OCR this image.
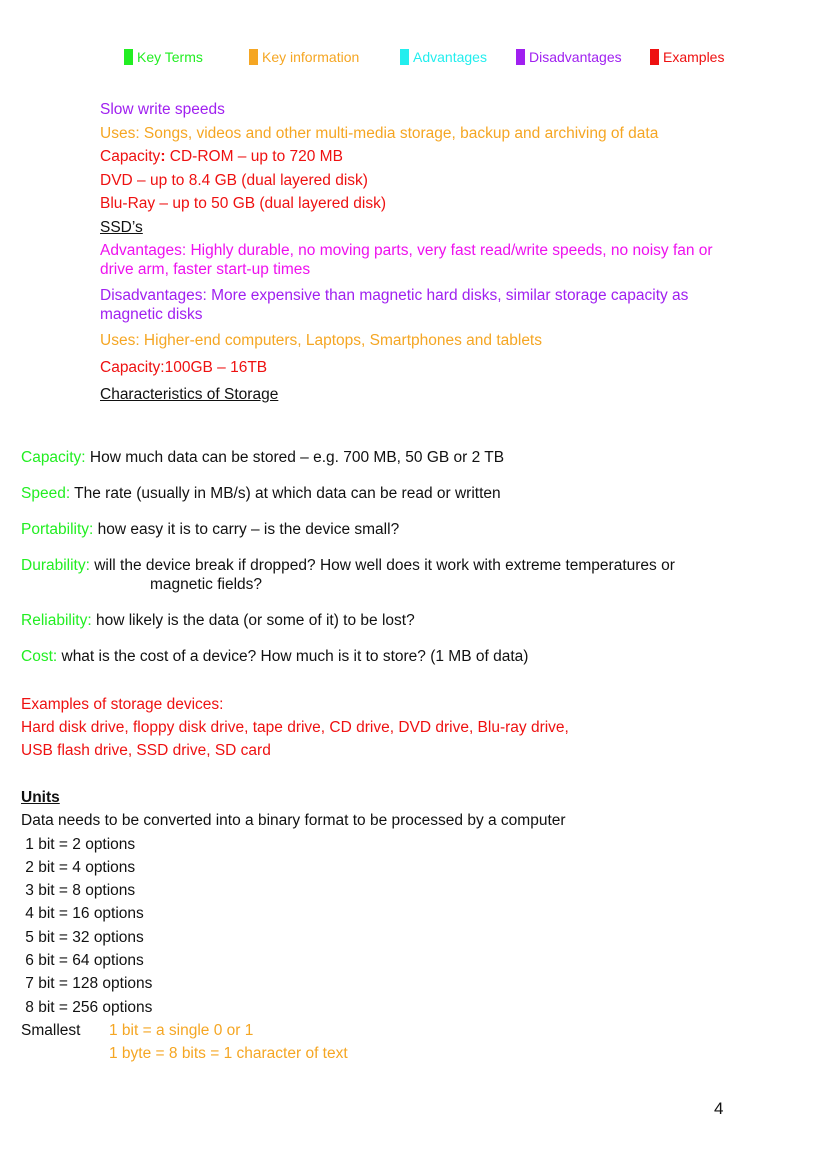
Key Terms	Key information	Advantages	Disadvantages	Examples
Slow write speeds
Uses: Songs, videos and other multi-media storage, backup and archiving of data
Capacity: CD-ROM – up to 720 MB
DVD – up to 8.4 GB (dual layered disk)
Blu-Ray – up to 50 GB (dual layered disk)
SSD’s
Advantages: Highly durable, no moving parts, very fast read/write speeds, no noisy fan or drive arm, faster start-up times
Disadvantages: More expensive than magnetic hard disks, similar storage capacity as magnetic disks
Uses: Higher-end computers, Laptops, Smartphones and tablets
Capacity:100GB – 16TB
Characteristics of Storage
Capacity: How much data can be stored – e.g. 700 MB, 50 GB or 2 TB
Speed: The rate (usually in MB/s) at which data can be read or written
Portability: how easy it is to carry – is the device small?
Durability: will the device break if dropped? How well does it work with extreme temperatures or
magnetic fields?
Reliability: how likely is the data (or some of it) to be lost?
Cost: what is the cost of a device? How much is it to store? (1 MB of data)
Examples of storage devices:
Hard disk drive, floppy disk drive, tape drive, CD drive, DVD drive, Blu-ray drive,
USB flash drive, SSD drive, SD card
Units
Data needs to be converted into a binary format to be processed by a computer
1 bit = 2 options
2 bit = 4 options
3 bit = 8 options
4 bit = 16 options
5 bit = 32 options
6 bit = 64 options
7 bit = 128 options
8 bit = 256 options
Smallest 1 bit = a single 0 or 1
1 byte = 8 bits = 1 character of text
4
